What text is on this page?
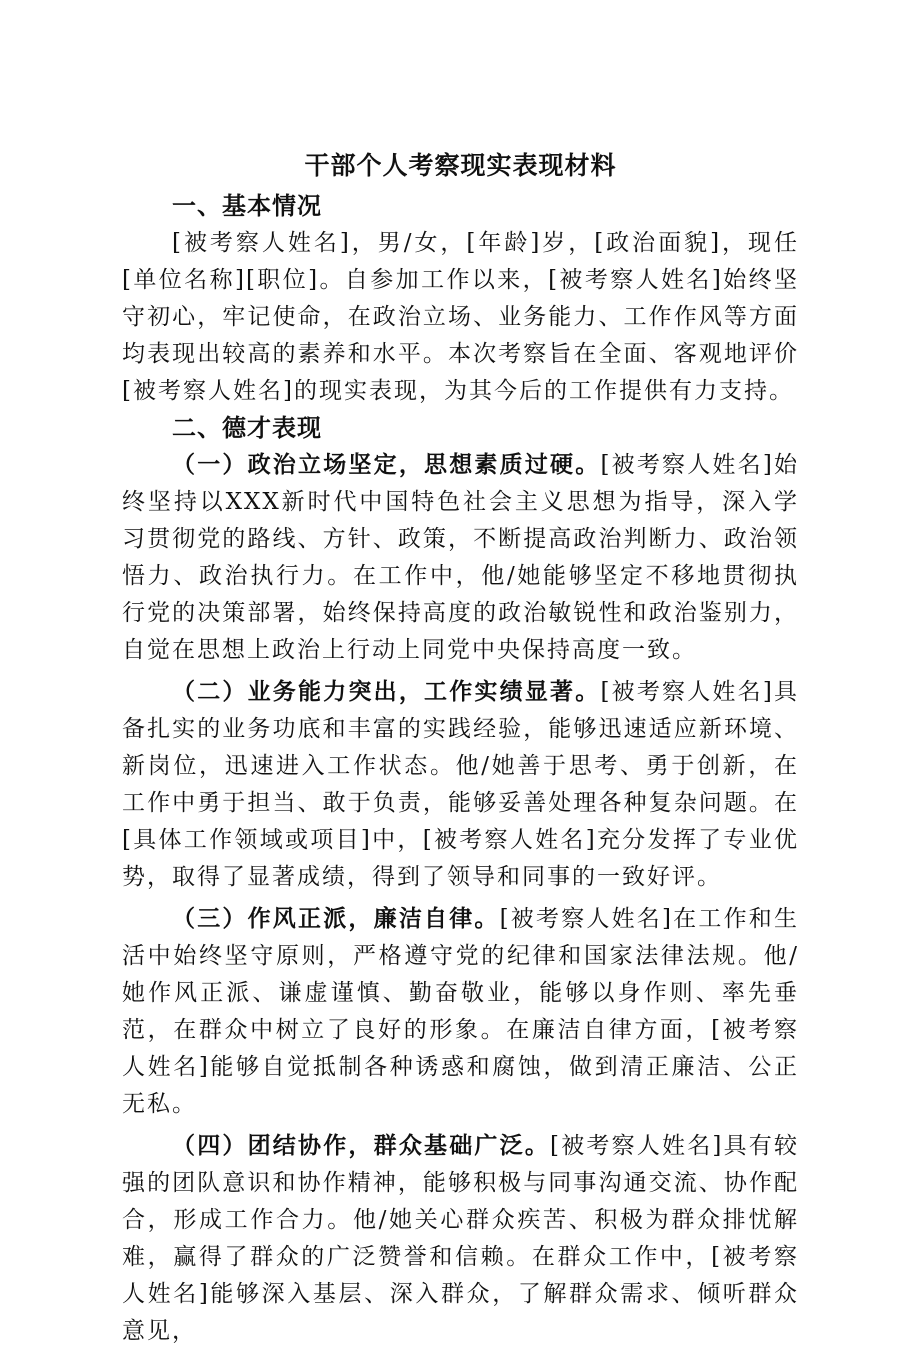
干部个人考察现实表现材料
一、基本情况

[被考察人姓名]，男/女，[年龄]岁，[政治面貌]，现任[单位名称][职位]。自参加工作以来，[被考察人姓名]始终坚守初心，牢记使命，在政治立场、业务能力、工作作风等方面均表现出较高的素养和水平。本次考察旨在全面、客观地评价[被考察人姓名]的现实表现，为其今后的工作提供有力支持。

二、德才表现

（一）政治立场坚定，思想素质过硬。[被考察人姓名]始终坚持以XXX新时代中国特色社会主义思想为指导，深入学习贯彻党的路线、方针、政策，不断提高政治判断力、政治领悟力、政治执行力。在工作中，他/她能够坚定不移地贯彻执行党的决策部署，始终保持高度的政治敏锐性和政治鉴别力，自觉在思想上政治上行动上同党中央保持高度一致。

（二）业务能力突出，工作实绩显著。[被考察人姓名]具备扎实的业务功底和丰富的实践经验，能够迅速适应新环境、新岗位，迅速进入工作状态。他/她善于思考、勇于创新，在工作中勇于担当、敢于负责，能够妥善处理各种复杂问题。在[具体工作领域或项目]中，[被考察人姓名]充分发挥了专业优势，取得了显著成绩，得到了领导和同事的一致好评。

（三）作风正派，廉洁自律。[被考察人姓名]在工作和生活中始终坚守原则，严格遵守党的纪律和国家法律法规。他/她作风正派、谦虚谨慎、勤奋敬业，能够以身作则、率先垂范，在群众中树立了良好的形象。在廉洁自律方面，[被考察人姓名]能够自觉抵制各种诱惑和腐蚀，做到清正廉洁、公正无私。

（四）团结协作，群众基础广泛。[被考察人姓名]具有较强的团队意识和协作精神，能够积极与同事沟通交流、协作配合，形成工作合力。他/她关心群众疾苦、积极为群众排忧解难，赢得了群众的广泛赞誉和信赖。在群众工作中，[被考察人姓名]能够深入基层、深入群众，了解群众需求、倾听群众意见，
